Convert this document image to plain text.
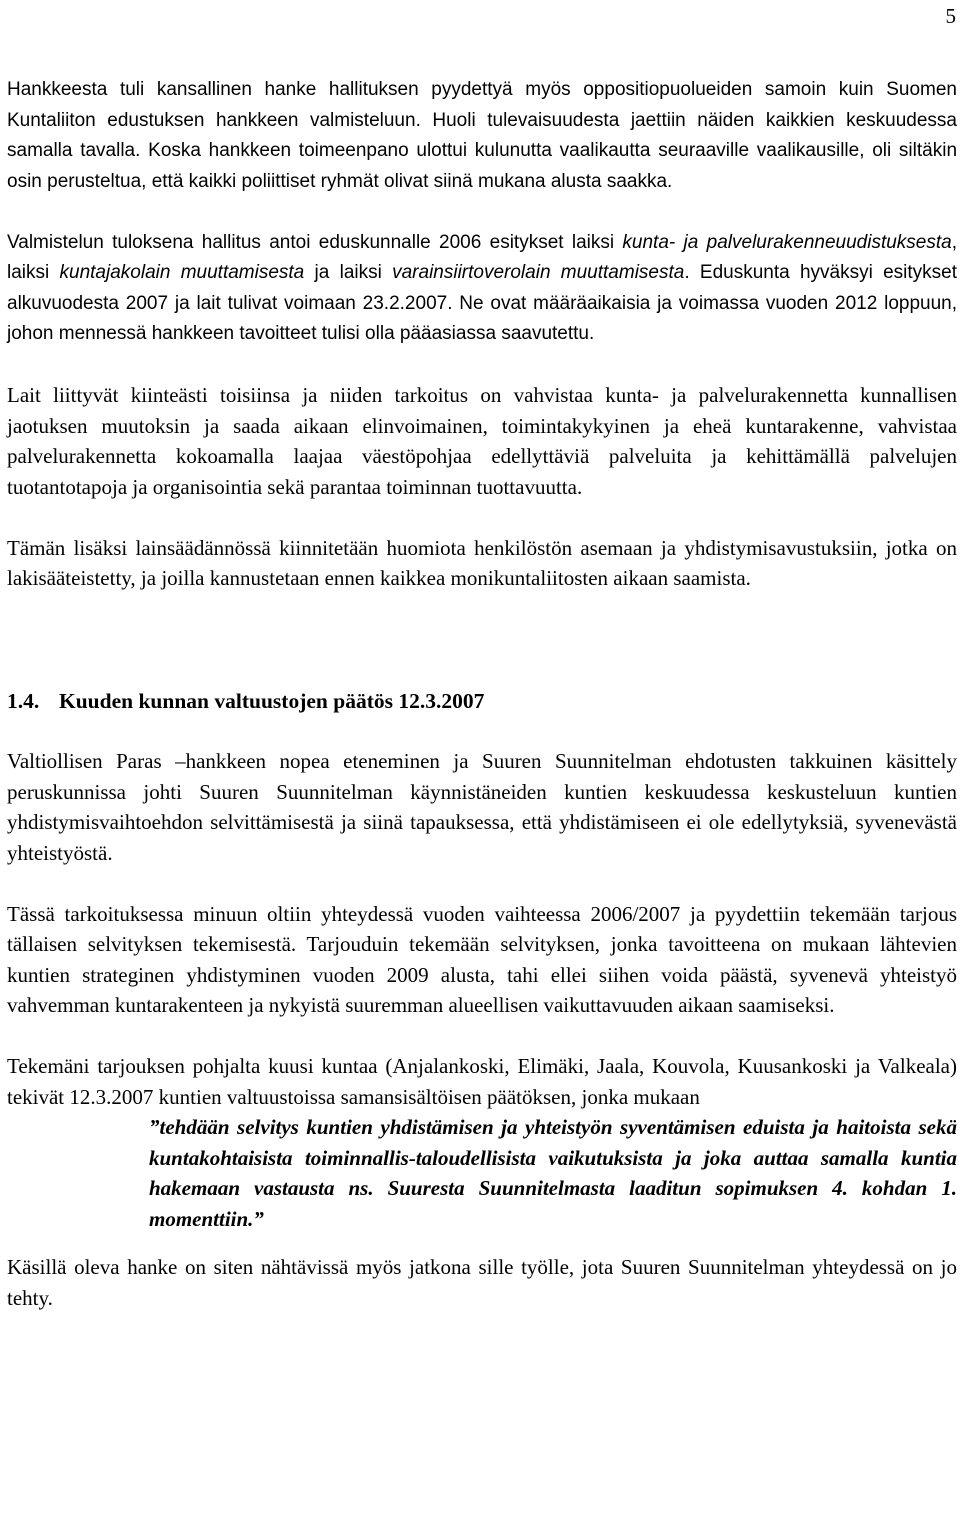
5

Hankkeesta tuli kansallinen hanke hallituksen pyydettyä myös oppositiopuolueiden samoin kuin Suomen Kuntaliiton edustuksen hankkeen valmisteluun. Huoli tulevaisuudesta jaettiin näiden kaikkien keskuudessa samalla tavalla. Koska hankkeen toimeenpano ulottui kulunutta vaalikautta seuraaville vaalikausille, oli siltäkin osin perusteltua, että kaikki poliittiset ryhmät olivat siinä mukana alusta saakka.

Valmistelun tuloksena hallitus antoi eduskunnalle 2006 esitykset laiksi kunta- ja palvelurakenneuudistuksesta, laiksi kuntajakolain muuttamisesta ja laiksi varainsiirtoverolain muuttamisesta. Eduskunta hyväksyi esitykset alkuvuodesta 2007 ja lait tulivat voimaan 23.2.2007. Ne ovat määräaikaisia ja voimassa vuoden 2012 loppuun, johon mennessä hankkeen tavoitteet tulisi olla pääasiassa saavutettu.

Lait liittyvät kiinteästi toisiinsa ja niiden tarkoitus on vahvistaa kunta- ja palvelurakennetta kunnallisen jaotuksen muutoksin ja saada aikaan elinvoimainen, toimintakykyinen ja eheä kuntarakenne, vahvistaa palvelurakennetta kokoamalla laajaa väestöpohjaa edellyttäviä palveluita ja kehittämällä palvelujen tuotantotapoja ja organisointia sekä parantaa toiminnan tuottavuutta.

Tämän lisäksi lainsäädännössä kiinnitetään huomiota henkilöstön asemaan ja yhdistymisavustuksiin, jotka on lakisääteistetty, ja joilla kannustetaan ennen kaikkea monikuntaliitosten aikaan saamista.

1.4. Kuuden kunnan valtuustojen päätös 12.3.2007

Valtiollisen Paras –hankkeen nopea eteneminen ja Suuren Suunnitelman ehdotusten takkuinen käsittely peruskunnissa johti Suuren Suunnitelman käynnistäneiden kuntien keskuudessa keskusteluun kuntien yhdistymisvaihtoehdon selvittämisestä ja siinä tapauksessa, että yhdistämiseen ei ole edellytyksiä, syvenevästä yhteistyöstä.

Tässä tarkoituksessa minuun oltiin yhteydessä vuoden vaihteessa 2006/2007 ja pyydettiin tekemään tarjous tällaisen selvityksen tekemisestä. Tarjouduin tekemään selvityksen, jonka tavoitteena on mukaan lähtevien kuntien strateginen yhdistyminen vuoden 2009 alusta, tahi ellei siihen voida päästä, syvenevä yhteistyö vahvemman kuntarakenteen ja nykyistä suuremman alueellisen vaikuttavuuden aikaan saamiseksi.

Tekemäni tarjouksen pohjalta kuusi kuntaa (Anjalankoski, Elimäki, Jaala, Kouvola, Kuusankoski ja Valkeala) tekivät 12.3.2007 kuntien valtuustoissa samansisältöisen päätöksen, jonka mukaan

”tehdään selvitys kuntien yhdistämisen ja yhteistyön syventämisen eduista ja haitoista sekä kuntakohtaisista toiminnallis-taloudellisista vaikutuksista ja joka auttaa samalla kuntia hakemaan vastausta ns. Suuresta Suunnitelmasta laaditun sopimuksen 4. kohdan 1. momenttiin.”

Käsillä oleva hanke on siten nähtävissä myös jatkona sille työlle, jota Suuren Suunnitelman yhteydessä on jo tehty.
